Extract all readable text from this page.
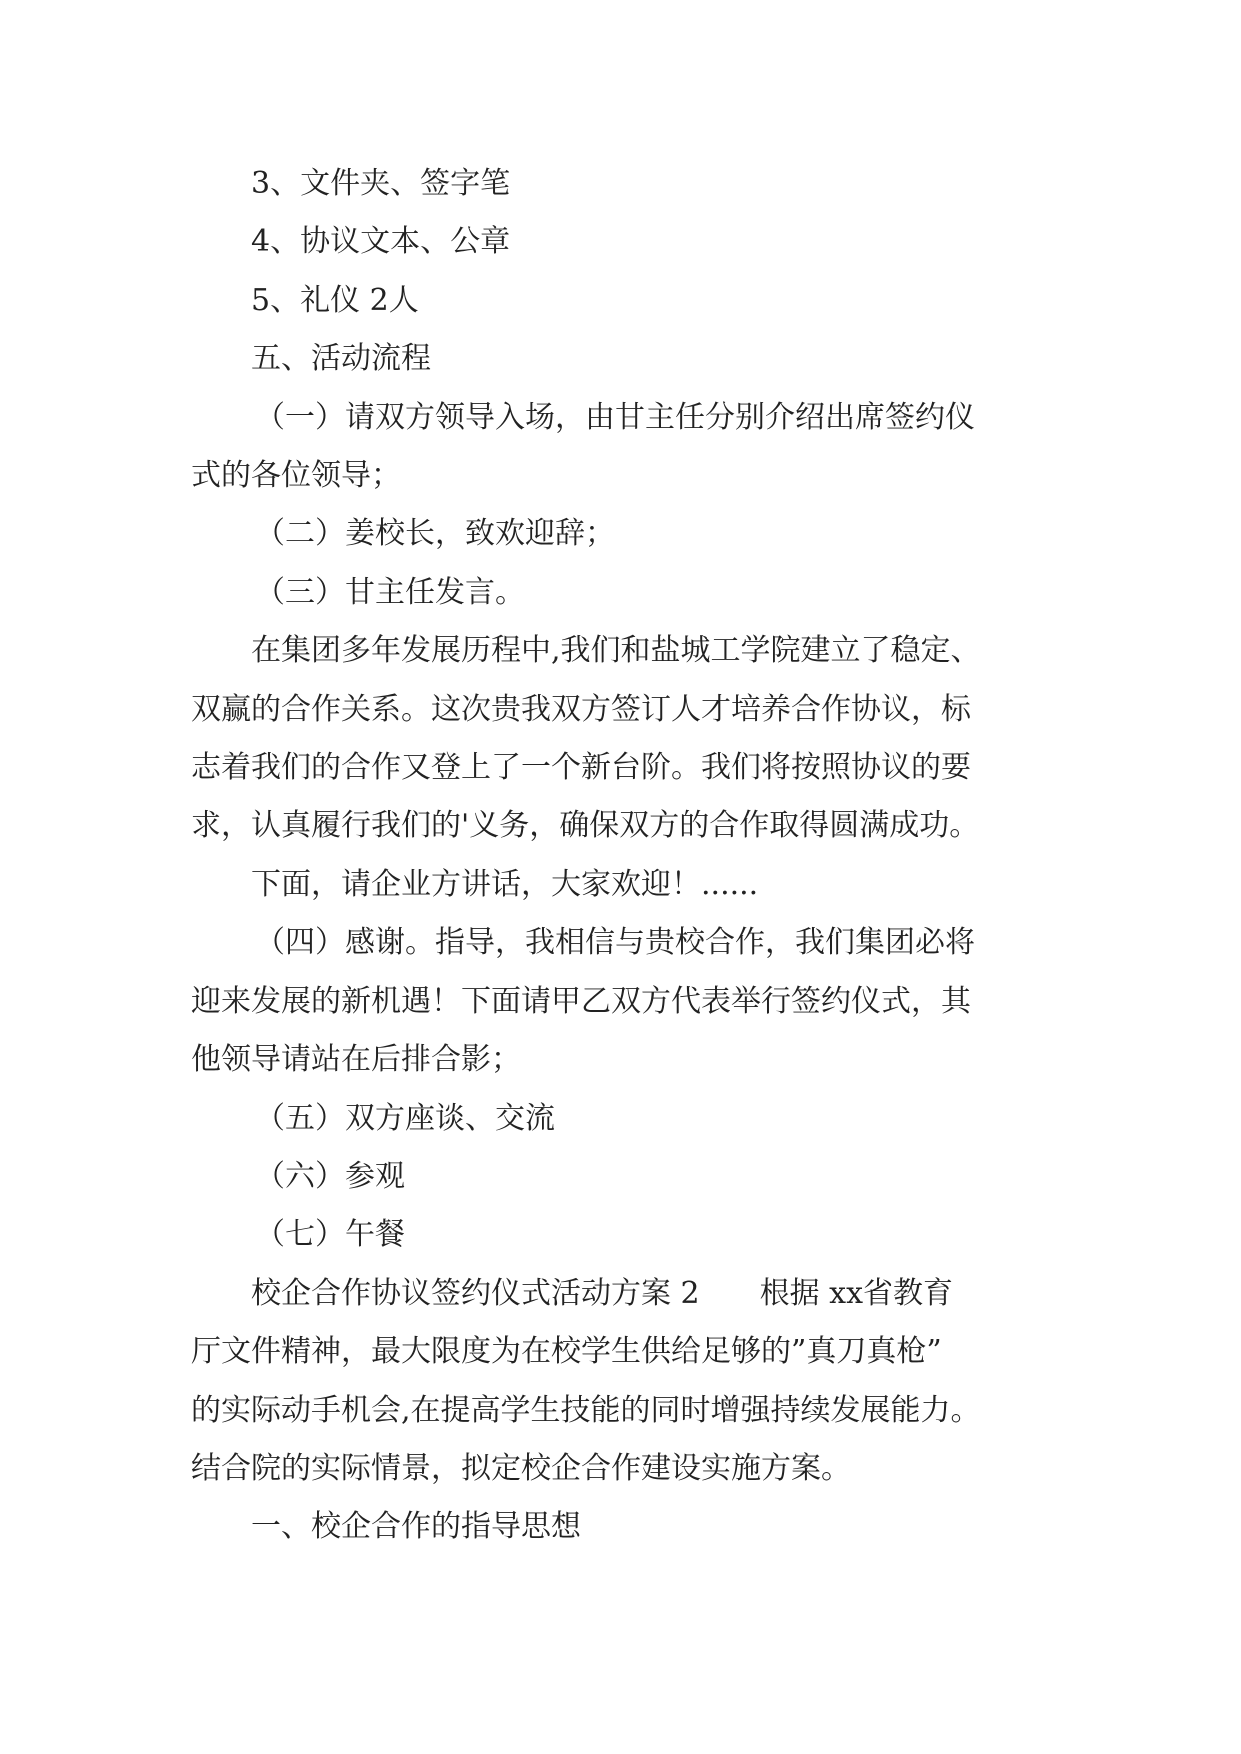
3、文件夹、签字笔

4、协议文本、公章

5、礼仪 2人

五、活动流程

（一）请双方领导入场，由甘主任分别介绍出席签约仪

式的各位领导；

（二）姜校长，致欢迎辞；

（三）甘主任发言。

在集团多年发展历程中,我们和盐城工学院建立了稳定、

双赢的合作关系。这次贵我双方签订人才培养合作协议，标

志着我们的合作又登上了一个新台阶。我们将按照协议的要

求，认真履行我们的'义务，确保双方的合作取得圆满成功。

下面，请企业方讲话，大家欢迎！......

（四）感谢。指导，我相信与贵校合作，我们集团必将

迎来发展的新机遇！下面请甲乙双方代表举行签约仪式，其

他领导请站在后排合影；

（五）双方座谈、交流

（六）参观

（七）午餐

校企合作协议签约仪式活动方案 2　　根据 xx省教育

厅文件精神，最大限度为在校学生供给足够的”真刀真枪”

的实际动手机会,在提高学生技能的同时增强持续发展能力。

结合院的实际情景，拟定校企合作建设实施方案。

一、校企合作的指导思想
